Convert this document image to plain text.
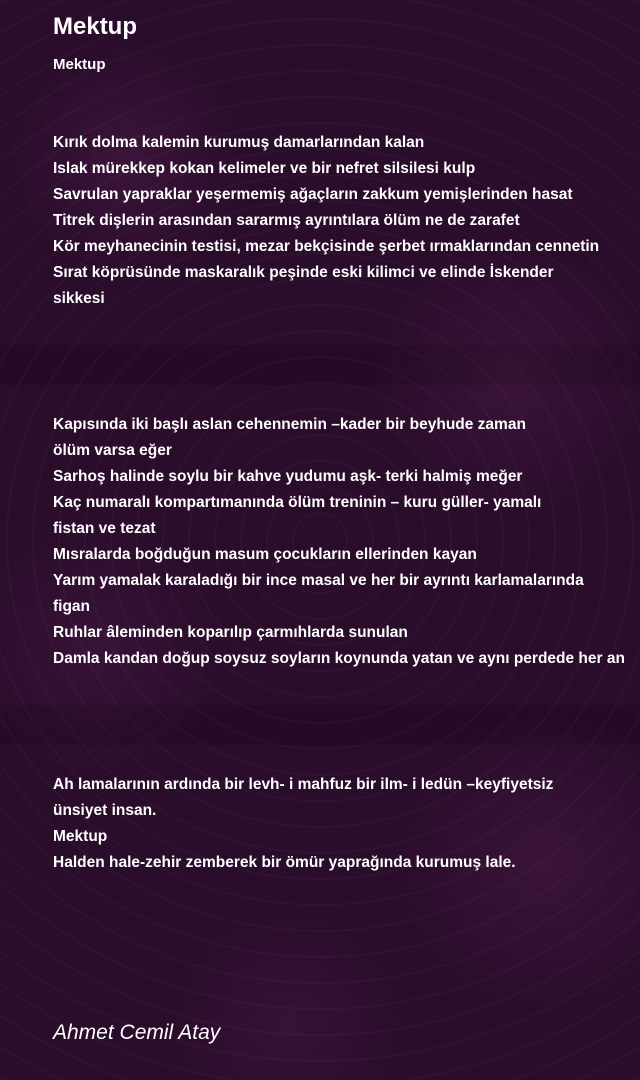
Mektup
Mektup
Kırık dolma kalemin kurumuş damarlarından kalan
Islak mürekkep kokan kelimeler ve bir nefret silsilesi kulp
Savrulan yapraklar yeşermemiş ağaçların zakkum yemişlerinden hasat
Titrek dişlerin arasından sararmış ayrıntılara ölüm ne de zarafet
Kör meyhanecinin testisi, mezar bekçisinde şerbet ırmaklarından cennetin
Sırat köprüsünde maskaralık peşinde eski kilimci ve elinde İskender
sikkesi
Kapısında iki başlı aslan cehennemin –kader bir beyhude zaman
ölüm varsa eğer
Sarhoş halinde soylu bir kahve yudumu aşk- terki halmiş meğer
Kaç numaralı kompartımanında ölüm treninin – kuru güller- yamalı
fistan ve tezat
Mısralarda boğduğun masum çocukların ellerinden kayan
Yarım yamalak karaladığı bir ince masal ve her bir ayrıntı karlamalarında
figan
Ruhlar âleminden koparılıp çarmıhlarda sunulan
Damla kandan doğup soysuz soyların koynunda yatan ve aynı perdede her an
Ah lamalarının ardında bir levh- i mahfuz bir ilm- i ledün –keyfiyetsiz
ünsiyet insan.
Mektup
Halden hale-zehir zemberek bir ömür yaprağında kurumuş lale.
Ahmet Cemil Atay
